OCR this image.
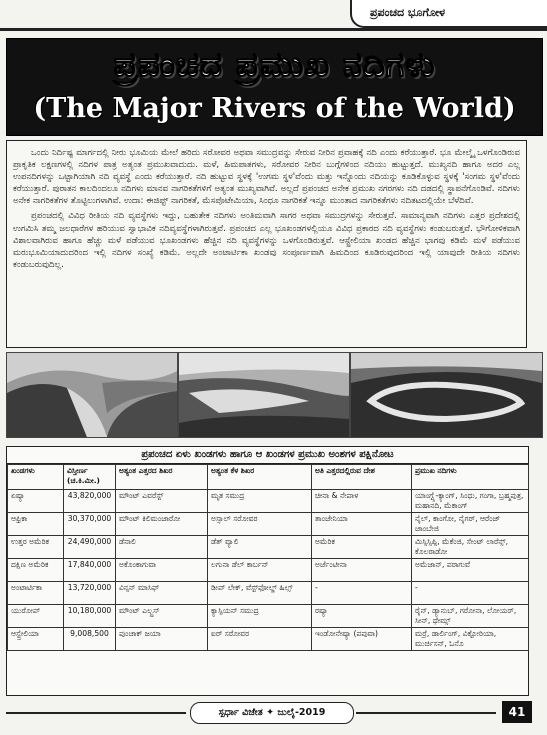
ಪ್ರಪಂಚದ ಭೂಗೋಳ
ಪ್ರಪಂಚದ ಪ್ರಮುಖ ನದಿಗಳು
(The Major Rivers of the World)

ಒಂದು ನಿರ್ದಿಷ್ಟ ಮಾರ್ಗದಲ್ಲಿ ನೀರು ಭೂಮಿಯ ಮೇಲೆ ಹರಿದು ಸರೋವರ ಅಥವಾ ಸಮುದ್ರವನ್ನು ಸೇರುವ ನೀರಿನ ಪ್ರವಾಹಕ್ಕೆ ನದಿ ಎಂದು ಕರೆಯುತ್ತಾರೆ. ಭೂ ಮೇಲ್ಮೈ ಒಳಗೊಂಡಿರುವ ಪ್ರಾಕೃತಿಕ ಲಕ್ಷಣಗಳಲ್ಲಿ ನದಿಗಳ ಪಾತ್ರ ಅತ್ಯಂತ ಪ್ರಮುಖವಾದುದು. ಮಳೆ, ಹಿಮಪಾತಗಳು, ಸರೋವರ ನೀರಿನ ಬುಗ್ಗೆಗಳಿಂದ ನದಿಯು ಹುಟ್ಟುತ್ತದೆ. ಮುಖ್ಯನದಿ ಹಾಗೂ ಅದರ ಎಲ್ಲ ಉಪನದಿಗಳನ್ನು ಒಟ್ಟಾಗಿಯಾಗಿ ನದಿ ವ್ಯವಸ್ಥೆ ಎಂದು ಕರೆಯುತ್ತಾರೆ. ನದಿ ಹುಟ್ಟುವ ಸ್ಥಳಕ್ಕೆ 'ಉಗಮ ಸ್ಥಳ'ವೆಂದು ಮತ್ತು ಇನ್ನೊಂದು ನದಿಯನ್ನು ಕೂಡಿಕೊಳ್ಳುವ ಸ್ಥಳಕ್ಕೆ 'ಸಂಗಮ ಸ್ಥಳ'ವೆಂದು ಕರೆಯುತ್ತಾರೆ. ಪುರಾತನ ಕಾಲದಿಂದಲೂ ನದಿಗಳು ಮಾನವ ನಾಗರಿಕತೆಗಳಿಗೆ ಅತ್ಯಂತ ಮುಖ್ಯವಾಗಿವೆ. ಅಲ್ಲದೆ ಪ್ರಪಂಚದ ಅನೇಕ ಪ್ರಮುಖ ನಗರಗಳು ನದಿ ದಡದಲ್ಲಿ ಸ್ಥಾಪನೆಗೊಂಡಿವೆ. ನದಿಗಳು ಅನೇಕ ನಾಗರಿಕತೆಗಳ ತೊಟ್ಟಿಲುಗಳಾಗಿವೆ. ಉದಾ: ಈಜಿಪ್ಟ್ ನಾಗರಿಕತೆ, ಮೆಸಪೊಟೇಮಿಯಾ, ಸಿಂಧೂ ನಾಗರಿಕತೆ ಇನ್ನೂ ಮುಂತಾದ ನಾಗರಿಕತೆಗಳು ನದಿತಟದಲ್ಲಿಯೇ ಬೆಳೆದಿವೆ.

ಪ್ರಪಂಚದಲ್ಲಿ ವಿವಿಧ ರೀತಿಯ ನದಿ ವ್ಯವಸ್ಥೆಗಳು ಇದ್ದು, ಬಹುತೇಕ ನದಿಗಳು ಅಂತಿಮವಾಗಿ ಸಾಗರ ಅಥವಾ ಸಮುದ್ರಗಳನ್ನು ಸೇರುತ್ತವೆ. ಸಾಮಾನ್ಯವಾಗಿ ನದಿಗಳು ಎತ್ತರ ಪ್ರದೇಶದಲ್ಲಿ ಉಗಮಿಸಿ ತಮ್ಮ ಜಲಧಾರೆಗಳ ಹರಿಯುವ ಸ್ವಾಭಾವಿಕ ನದಿವ್ಯವಸ್ಥೆಗಳಾಗಿರುತ್ತವೆ. ಪ್ರಪಂಚದ ಎಲ್ಲ ಭೂಖಂಡಗಳಲ್ಲಿಯೂ ವಿವಿಧ ಪ್ರಕಾರದ ನದಿ ವ್ಯವಸ್ಥೆಗಳು ಕಂಡುಬರುತ್ತವೆ. ಭೌಗೋಳಿಕವಾಗಿ ವಿಶಾಲವಾಗಿರುವ ಹಾಗೂ ಹೆಚ್ಚು ಮಳೆ ಪಡೆಯುವ ಭೂಖಂಡಗಳು ಹೆಚ್ಚಿನ ನದಿ ವ್ಯವಸ್ಥೆಗಳನ್ನು ಒಳಗೊಂಡಿರುತ್ತವೆ. ಆಸ್ಟ್ರೇಲಿಯಾ ಖಂಡದ ಹೆಚ್ಚಿನ ಭಾಗವು ಕಡಿಮೆ ಮಳೆ ಪಡೆಯುವ ಮರುಭೂಮಿಯಾದುದರಿಂದ ಇಲ್ಲಿ ನದಿಗಳ ಸಂಖ್ಯೆ ಕಡಿಮೆ. ಅಲ್ಲದೇ ಅಂಟಾರ್ಟಿಕಾ ಖಂಡವು ಸಂಪೂರ್ಣವಾಗಿ ಹಿಮದಿಂದ ಕೂಡಿರುವುದರಿಂದ ಇಲ್ಲಿ ಯಾವುದೇ ರೀತಿಯ ನದಿಗಳು ಕಂಡುಬರುವುದಿಲ್ಲ.

ಪ್ರಪಂಚದ ಏಳು ಖಂಡಗಳು ಹಾಗೂ ಆ ಖಂಡಗಳ ಪ್ರಮುಖ ಅಂಶಗಳ ಪಕ್ಷಿನೋಟ
ಖಂಡಗಳು	ವಿಸ್ತೀರ್ಣ (ಚ.ಕಿ.ಮೀ.)	ಅತ್ಯಂತ ಎತ್ತರದ ಶಿಖರ	ಅತ್ಯಂತ ಕೆಳ ಶಿಖರ	ಅತಿ ಎತ್ತರದಲ್ಲಿರುವ ದೇಶ	ಪ್ರಮುಖ ನದಿಗಳು
ಏಷ್ಯಾ	43,820,000	ಮೌಂಟ್ ಎವರೆಸ್ಟ್	ಮೃತ ಸಮುದ್ರ	ಚೀನಾ & ನೇಪಾಳ	ಯಾಂಗ್ಟ್ಸೆ-ಕ್ಯಾಂಗ್, ಸಿಂಧು, ಗಂಗಾ, ಬ್ರಹ್ಮಪುತ್ರ, ಮಹಾನದಿ, ಮೆಕಾಂಗ್
ಆಫ್ರಿಕಾ	30,370,000	ಮೌಂಟ್ ಕಿಲಿಮಂಜಾರೋ	ಅಸ್ಸಾಲ್ ಸರೋವರ	ತಾಂಜೇನಿಯಾ	ನೈಲ್, ಕಾಂಗೋ, ನೈಗರ್, ಆರೆಂಜ್ ಜಾಂಬೇಜಿ
ಉತ್ತರ ಅಮೆರಿಕ	24,490,000	ಡೆನಾಲಿ	ಡೆತ್ ವ್ಯಾಲಿ	ಅಮೆರಿಕ	ಮಿಸ್ಸಿಸ್ಸಿಪ್ಪಿ, ಮೆಕೆಂಜಿ, ಸೇಂಟ್ ಲಾರೆನ್ಸ್, ಕೊಲರಾಡೋ
ದಕ್ಷಿಣ ಅಮೆರಿಕ	17,840,000	ಅಕೊಂಕಾಗುವಾ	ಲಗುನಾ ಡೆಲ್ ಕಾರ್ಬನ್	ಅರ್ಜೆಂಟೀನಾ	ಅಮೆಜಾನ್, ಪರಾಗುವೆ
ಅಂಟಾರ್ಟಿಕಾ	13,720,000	ವಿನ್ಸನ್ ಮಾಸಿಫ್	ಡೀಪ್ ಲೇಕ್, ವೆಸ್ಟ್‌ಫೋಲ್ಡ್ ಹಿಲ್ಸ್	-	-
ಯುರೋಪ್	10,180,000	ಮೌಂಟ್ ಎಲ್ಬ್ರಸ್	ಕ್ಯಾಸ್ಪಿಯನ್ ಸಮುದ್ರ	ರಷ್ಯಾ	ರೈನ್, ಡ್ಯಾನುಬ್, ಗರೋನಾ, ಲೋಯರ್, ಸೀನ್, ಥೇಮ್ಸ್
ಆಸ್ಟ್ರೇಲಿಯಾ	9,008,500	ಪುಂಚಾಕ್ ಜಯಾ	ಐರ್ ಸರೋವರ	ಇಂಡೋನೇಷ್ಯಾ (ಪಪುವಾ)	ಮರ್ರೆ, ಡಾರ್ಲಿಂಗ್, ವಿಕ್ಟೋರಿಯಾ, ಮುರ್ಚಿಸನ್, ಓನೊ
ಸ್ಪರ್ಧಾ ವಿಜೇತ ✦ ಜುಲೈ-2019	41
